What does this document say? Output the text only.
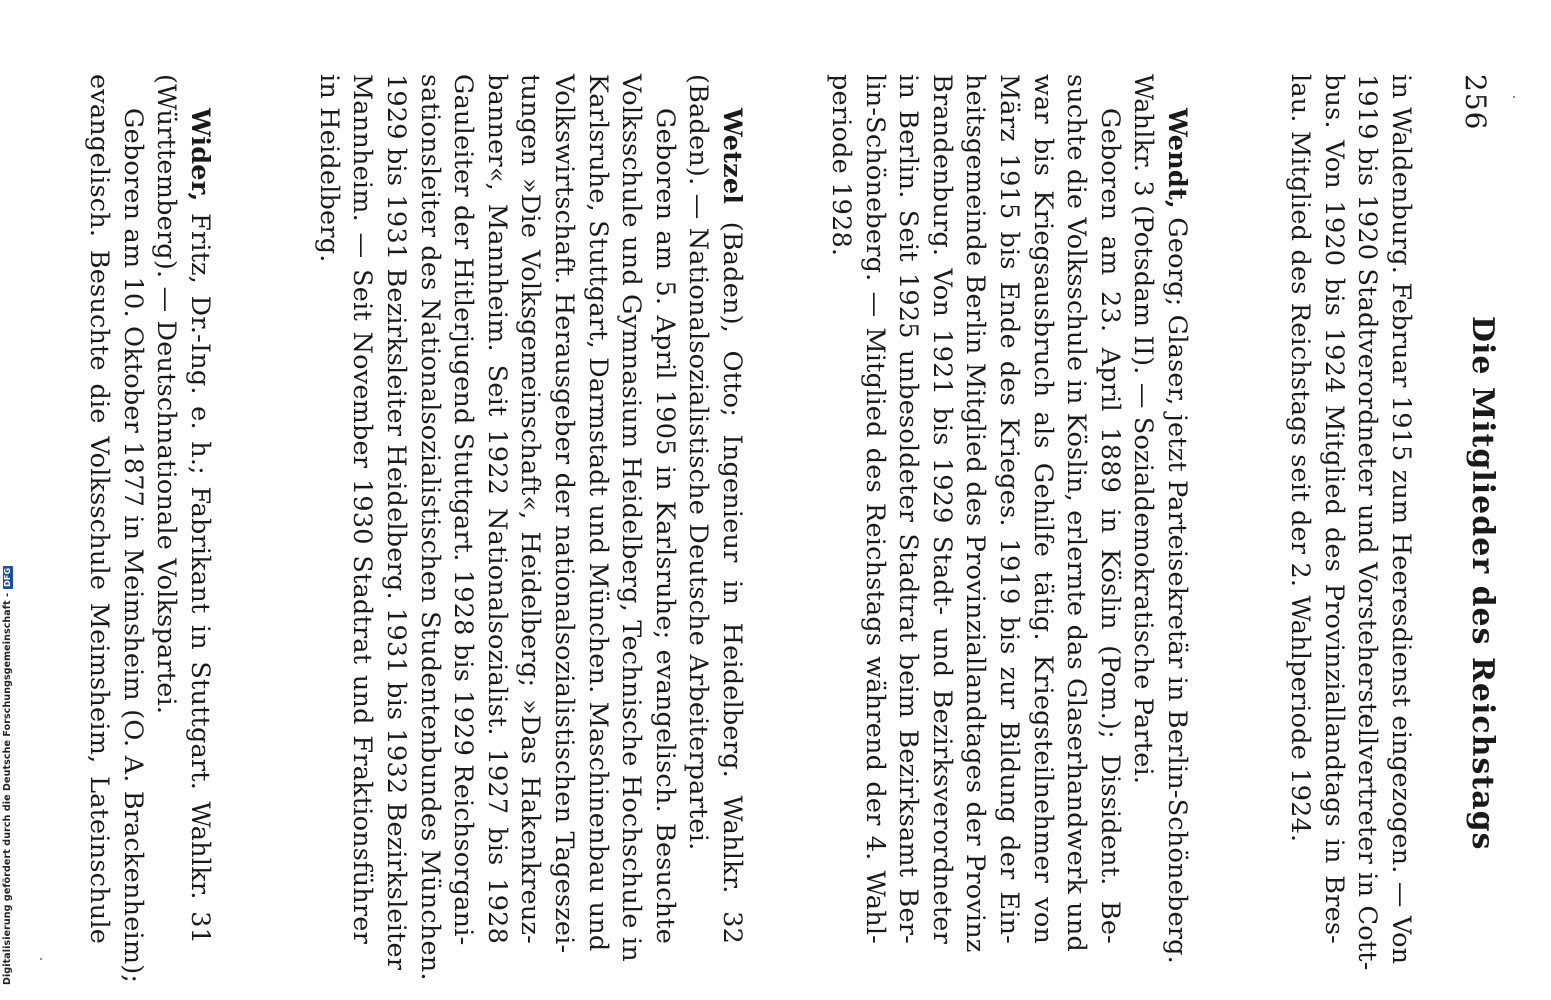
256
Die Mitglieder des Reichstags
in Waldenburg. Februar 1915 zum Heeresdienst eingezogen. — Von
1919 bis 1920 Stadtverordneter und Vorsteherstellvertreter in Cott-
bus. Von 1920 bis 1924 Mitglied des Provinziallandtags in Bres-
lau. Mitglied des Reichstags seit der 2. Wahlperiode 1924.
Wendt, Georg; Glaser, jetzt Parteisekretär in Berlin-Schöneberg.
Wahlkr. 3 (Potsdam II). — Sozialdemokratische Partei.
Geboren am 23. April 1889 in Köslin (Pom.); Dissident. Be-
suchte die Volksschule in Köslin, erlernte das Glaserhandwerk und
war bis Kriegsausbruch als Gehilfe tätig. Kriegsteilnehmer von
März 1915 bis Ende des Krieges. 1919 bis zur Bildung der Ein-
heitsgemeinde Berlin Mitglied des Provinziallandtages der Provinz
Brandenburg. Von 1921 bis 1929 Stadt- und Bezirksverordneter
in Berlin. Seit 1925 unbesoldeter Stadtrat beim Bezirksamt Ber-
lin-Schöneberg. — Mitglied des Reichstags während der 4. Wahl-
periode 1928.
Wetzel (Baden), Otto; Ingenieur in Heidelberg. Wahlkr. 32
(Baden). — Nationalsozialistische Deutsche Arbeiterpartei.
Geboren am 5. April 1905 in Karlsruhe; evangelisch. Besuchte
Volksschule und Gymnasium Heidelberg, Technische Hochschule in
Karlsruhe, Stuttgart, Darmstadt und München. Maschinenbau und
Volkswirtschaft. Herausgeber der nationalsozialistischen Tageszei-
tungen »Die Volksgemeinschaft«, Heidelberg; »Das Hakenkreuz-
banner«, Mannheim. Seit 1922 Nationalsozialist. 1927 bis 1928
Gauleiter der Hitlerjugend Stuttgart. 1928 bis 1929 Reichsorgani-
sationsleiter des Nationalsozialistischen Studentenbundes München.
1929 bis 1931 Bezirksleiter Heidelberg. 1931 bis 1932 Bezirksleiter
Mannheim. — Seit November 1930 Stadtrat und Fraktionsführer
in Heidelberg.
Wider, Fritz, Dr.-Ing. e. h.; Fabrikant in Stuttgart. Wahlkr. 31
(Württemberg). — Deutschnationale Volkspartei.
Geboren am 10. Oktober 1877 in Meimsheim (O. A. Brackenheim);
evangelisch. Besuchte die Volksschule Meimsheim, Lateinschule
Digitalisierung gefördert durch die Deutsche Forschungsgemeinschaft -DFG
